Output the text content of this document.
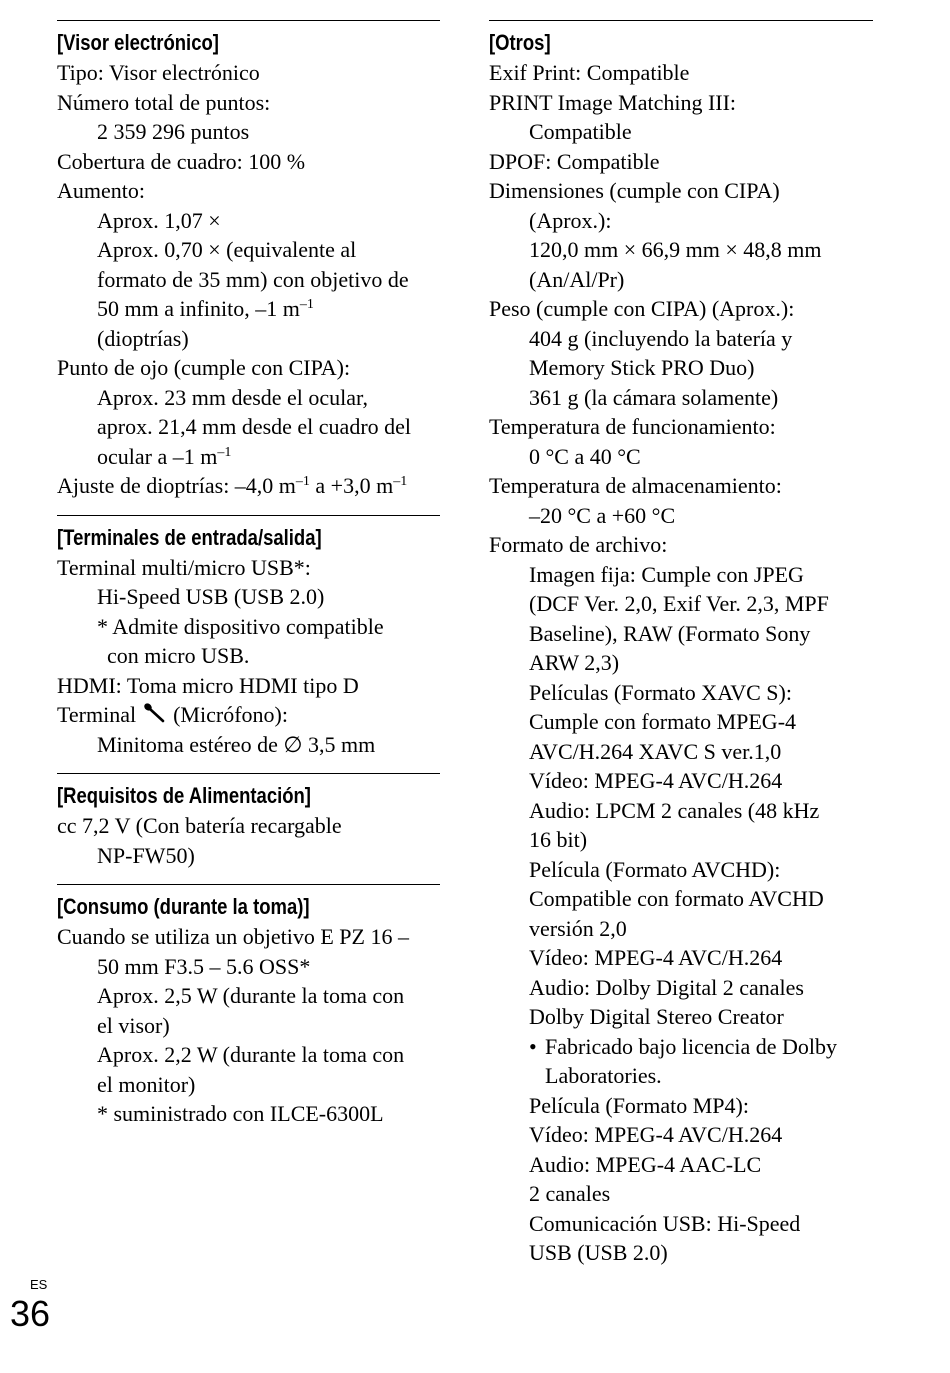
[Visor electrónico]
Tipo: Visor electrónico
Número total de puntos:
2 359 296 puntos
Cobertura de cuadro: 100 %
Aumento:
Aprox. 1,07 ×
Aprox. 0,70 × (equivalente al
formato de 35 mm) con objetivo de
50 mm a infinito, –1 $m^{-1}$
(dioptrías)
Punto de ojo (cumple con CIPA):
Aprox. 23 mm desde el ocular,
aprox. 21,4 mm desde el cuadro del
ocular a –1 $m^{-1}$
Ajuste de dioptrías: –4,0 $m^{-1}$ a +3,0 $m^{-1}$
[Terminales de entrada/salida]
Terminal multi/micro USB*:
Hi-Speed USB (USB 2.0)
* Admite dispositivo compatible
con micro USB.
HDMI: Toma micro HDMI tipo D
Terminal  (Micrófono):
Minitoma estéreo de ∅ 3,5 mm
[Requisitos de Alimentación]
cc 7,2 V (Con batería recargable
NP-FW50)
[Consumo (durante la toma)]
Cuando se utiliza un objetivo E PZ 16 –
50 mm F3.5 – 5.6 OSS*
Aprox. 2,5 W (durante la toma con
el visor)
Aprox. 2,2 W (durante la toma con
el monitor)
* suministrado con ILCE-6300L
[Otros]
Exif Print: Compatible
PRINT Image Matching III:
Compatible
DPOF: Compatible
Dimensiones (cumple con CIPA)
(Aprox.):
120,0 mm × 66,9 mm × 48,8 mm
(An/Al/Pr)
Peso (cumple con CIPA) (Aprox.):
404 g (incluyendo la batería y
Memory Stick PRO Duo)
361 g (la cámara solamente)
Temperatura de funcionamiento:
0 °C a 40 °C
Temperatura de almacenamiento:
–20 °C a +60 °C
Formato de archivo:
Imagen fija: Cumple con JPEG
(DCF Ver. 2,0, Exif Ver. 2,3, MPF
Baseline), RAW (Formato Sony
ARW 2,3)
Películas (Formato XAVC S):
Cumple con formato MPEG-4
AVC/H.264 XAVC S ver.1,0
Vídeo: MPEG-4 AVC/H.264
Audio: LPCM 2 canales (48 kHz
16 bit)
Película (Formato AVCHD):
Compatible con formato AVCHD
versión 2,0
Vídeo: MPEG-4 AVC/H.264
Audio: Dolby Digital 2 canales
Dolby Digital Stereo Creator
• Fabricado bajo licencia de Dolby
Laboratories.
Película (Formato MP4):
Vídeo: MPEG-4 AVC/H.264
Audio: MPEG-4 AAC-LC
2 canales
Comunicación USB: Hi-Speed
USB (USB 2.0)
ES
36
